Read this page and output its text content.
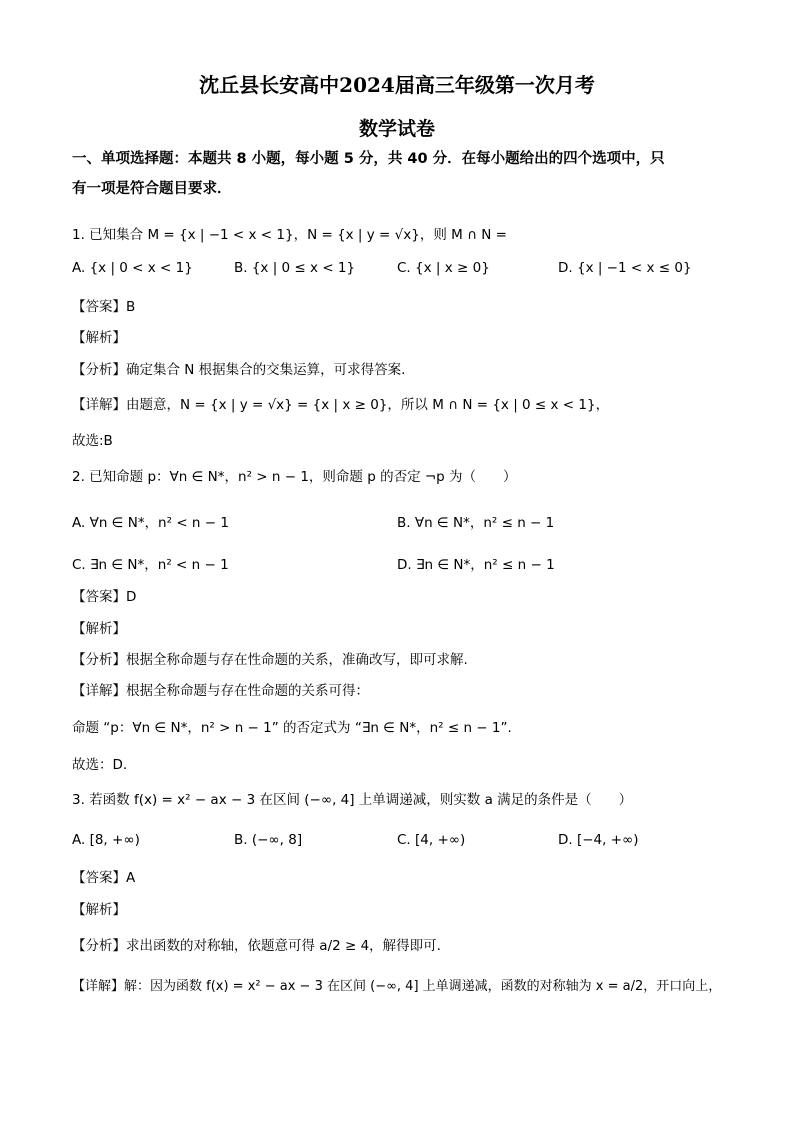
沈丘县长安高中2024届高三年级第一次月考
数学试卷
一、单项选择题：本题共 8 小题，每小题 5 分，共 40 分．在每小题给出的四个选项中，只
有一项是符合题目要求．
1. 已知集合 M = {x | −1 < x < 1}，N = {x | y = √x}，则 M ∩ N =
A. {x | 0 < x < 1}	B. {x | 0 ≤ x < 1}	C. {x | x ≥ 0}	D. {x | −1 < x ≤ 0}
【答案】B
【解析】
【分析】确定集合 N 根据集合的交集运算，可求得答案.
【详解】由题意，N = {x | y = √x} = {x | x ≥ 0}，所以 M ∩ N = {x | 0 ≤ x < 1}，
故选:B
2. 已知命题 p：∀n ∈ N*，n² > n − 1，则命题 p 的否定 ¬p 为（　　）
A. ∀n ∈ N*，n² < n − 1	B. ∀n ∈ N*，n² ≤ n − 1
C. ∃n ∈ N*，n² < n − 1	D. ∃n ∈ N*，n² ≤ n − 1
【答案】D
【解析】
【分析】根据全称命题与存在性命题的关系，准确改写，即可求解.
【详解】根据全称命题与存在性命题的关系可得：
命题 “p：∀n ∈ N*，n² > n − 1” 的否定式为 “∃n ∈ N*，n² ≤ n − 1”.
故选：D.
3. 若函数 f(x) = x² − ax − 3 在区间 (−∞, 4] 上单调递减，则实数 a 满足的条件是（　　）
A. [8, +∞)	B. (−∞, 8]	C. [4, +∞)	D. [−4, +∞)
【答案】A
【解析】
【分析】求出函数的对称轴，依题意可得 a/2 ≥ 4，解得即可.
【详解】解：因为函数 f(x) = x² − ax − 3 在区间 (−∞, 4] 上单调递减，函数的对称轴为 x = a/2，开口向上，
